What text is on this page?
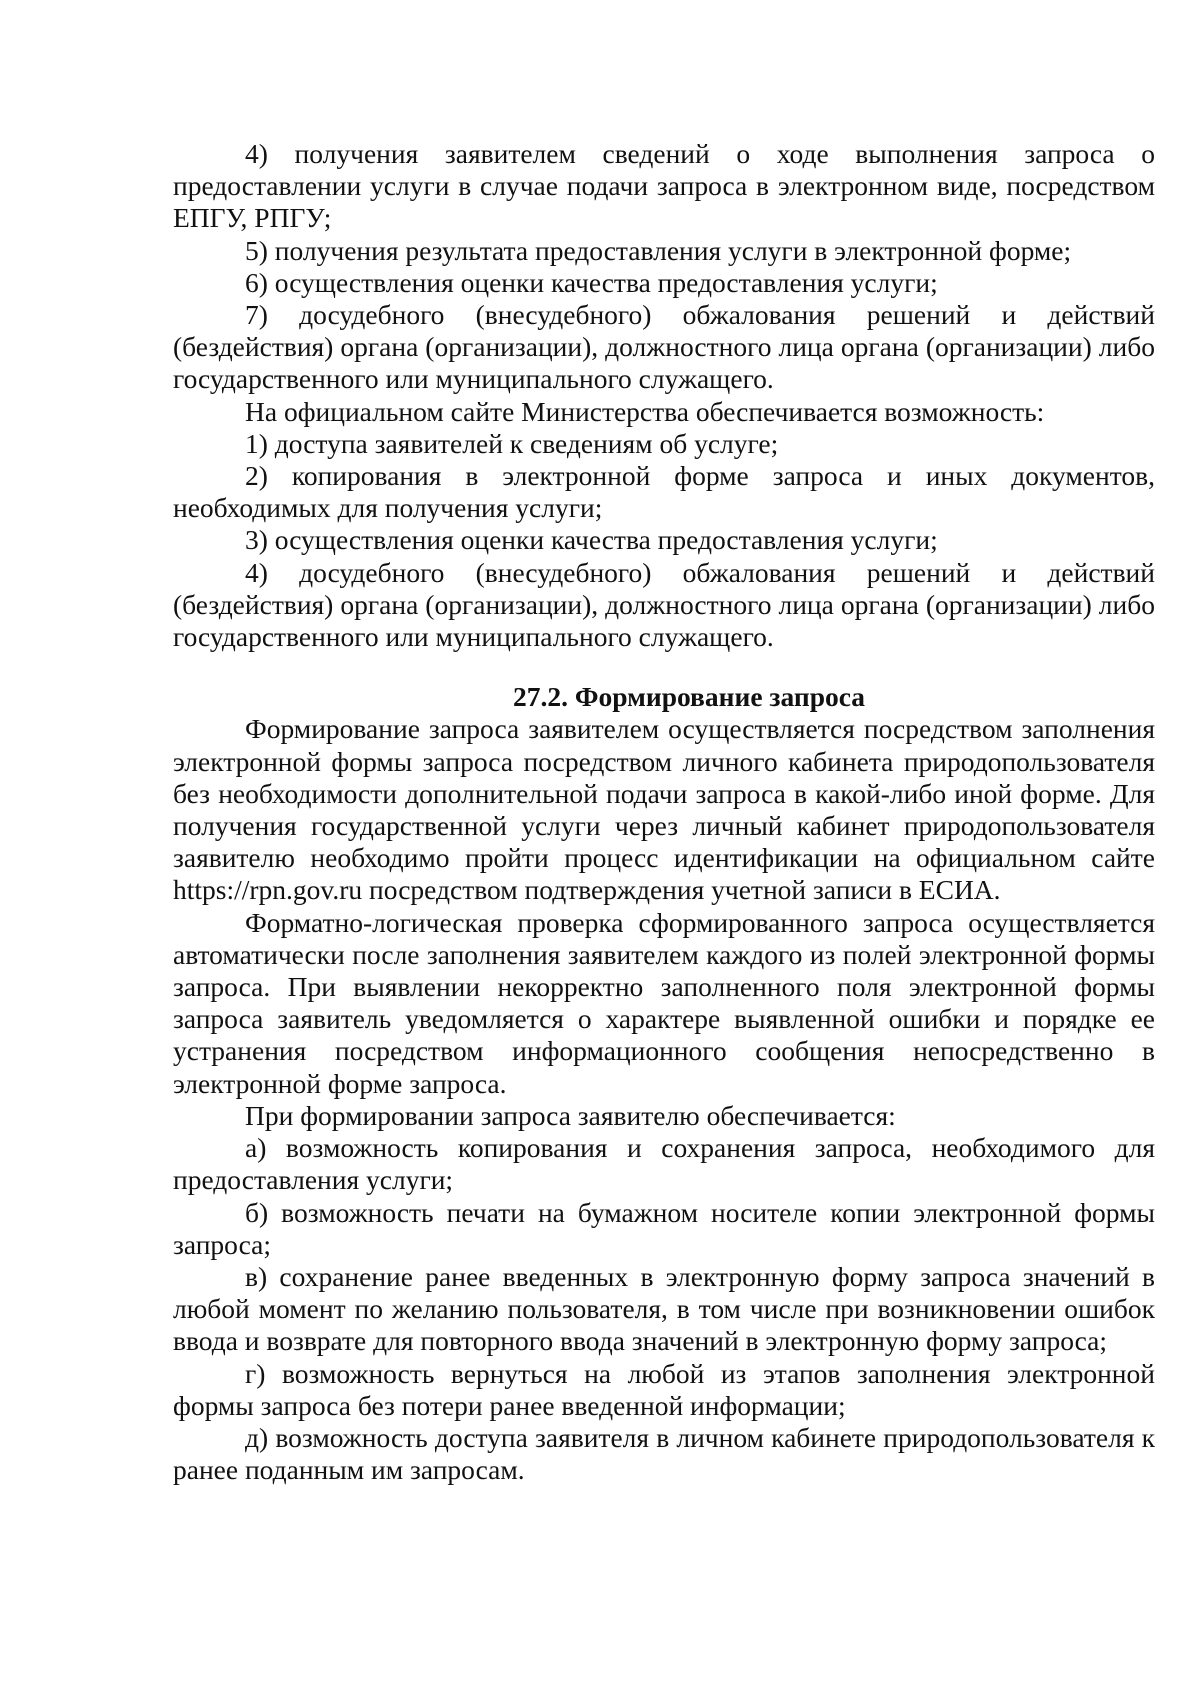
4) получения заявителем сведений о ходе выполнения запроса о предоставлении услуги в случае подачи запроса в электронном виде, посредством ЕПГУ, РПГУ;

5) получения результата предоставления услуги в электронной форме;

6) осуществления оценки качества предоставления услуги;

7) досудебного (внесудебного) обжалования решений и действий (бездействия) органа (организации), должностного лица органа (организации) либо государственного или муниципального служащего.

На официальном сайте Министерства обеспечивается возможность:

1) доступа заявителей к сведениям об услуге;

2) копирования в электронной форме запроса и иных документов, необходимых для получения услуги;

3) осуществления оценки качества предоставления услуги;

4) досудебного (внесудебного) обжалования решений и действий (бездействия) органа (организации), должностного лица органа (организации) либо государственного или муниципального служащего.

27.2. Формирование запроса

Формирование запроса заявителем осуществляется посредством заполнения электронной формы запроса посредством личного кабинета природопользователя без необходимости дополнительной подачи запроса в какой-либо иной форме. Для получения государственной услуги через личный кабинет природопользователя заявителю необходимо пройти процесс идентификации на официальном сайте https://rpn.gov.ru посредством подтверждения учетной записи в ЕСИА.

Форматно-логическая проверка сформированного запроса осуществляется автоматически после заполнения заявителем каждого из полей электронной формы запроса. При выявлении некорректно заполненного поля электронной формы запроса заявитель уведомляется о характере выявленной ошибки и порядке ее устранения посредством информационного сообщения непосредственно в электронной форме запроса.

При формировании запроса заявителю обеспечивается:

а) возможность копирования и сохранения запроса, необходимого для предоставления услуги;

б) возможность печати на бумажном носителе копии электронной формы запроса;

в) сохранение ранее введенных в электронную форму запроса значений в любой момент по желанию пользователя, в том числе при возникновении ошибок ввода и возврате для повторного ввода значений в электронную форму запроса;

г) возможность вернуться на любой из этапов заполнения электронной формы запроса без потери ранее введенной информации;

д) возможность доступа заявителя в личном кабинете природопользователя к ранее поданным им запросам.
